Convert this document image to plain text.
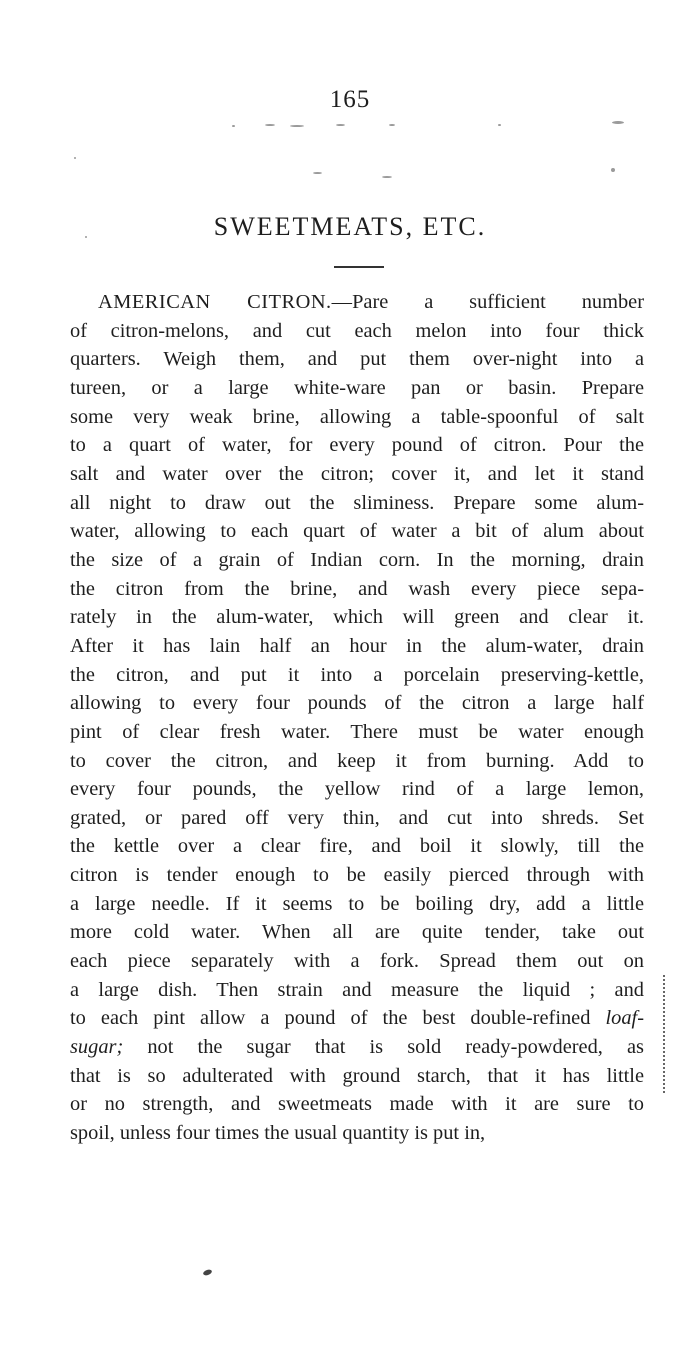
165
SWEETMEATS, ETC.
AMERICAN CITRON.—Pare a sufficient number
of citron-melons, and cut each melon into four thick
quarters. Weigh them, and put them over-night into a
tureen, or a large white-ware pan or basin. Prepare
some very weak brine, allowing a table-spoonful of salt
to a quart of water, for every pound of citron. Pour the
salt and water over the citron; cover it, and let it stand
all night to draw out the sliminess. Prepare some alum-
water, allowing to each quart of water a bit of alum about
the size of a grain of Indian corn. In the morning, drain
the citron from the brine, and wash every piece sepa-
rately in the alum-water, which will green and clear it.
After it has lain half an hour in the alum-water, drain
the citron, and put it into a porcelain preserving-kettle,
allowing to every four pounds of the citron a large half
pint of clear fresh water. There must be water enough
to cover the citron, and keep it from burning. Add to
every four pounds, the yellow rind of a large lemon,
grated, or pared off very thin, and cut into shreds. Set
the kettle over a clear fire, and boil it slowly, till the
citron is tender enough to be easily pierced through with
a large needle. If it seems to be boiling dry, add a little
more cold water. When all are quite tender, take out
each piece separately with a fork. Spread them out on
a large dish. Then strain and measure the liquid ; and
to each pint allow a pound of the best double-refined loaf-
sugar; not the sugar that is sold ready-powdered, as
that is so adulterated with ground starch, that it has little
or no strength, and sweetmeats made with it are sure to
spoil, unless four times the usual quantity is put in,
